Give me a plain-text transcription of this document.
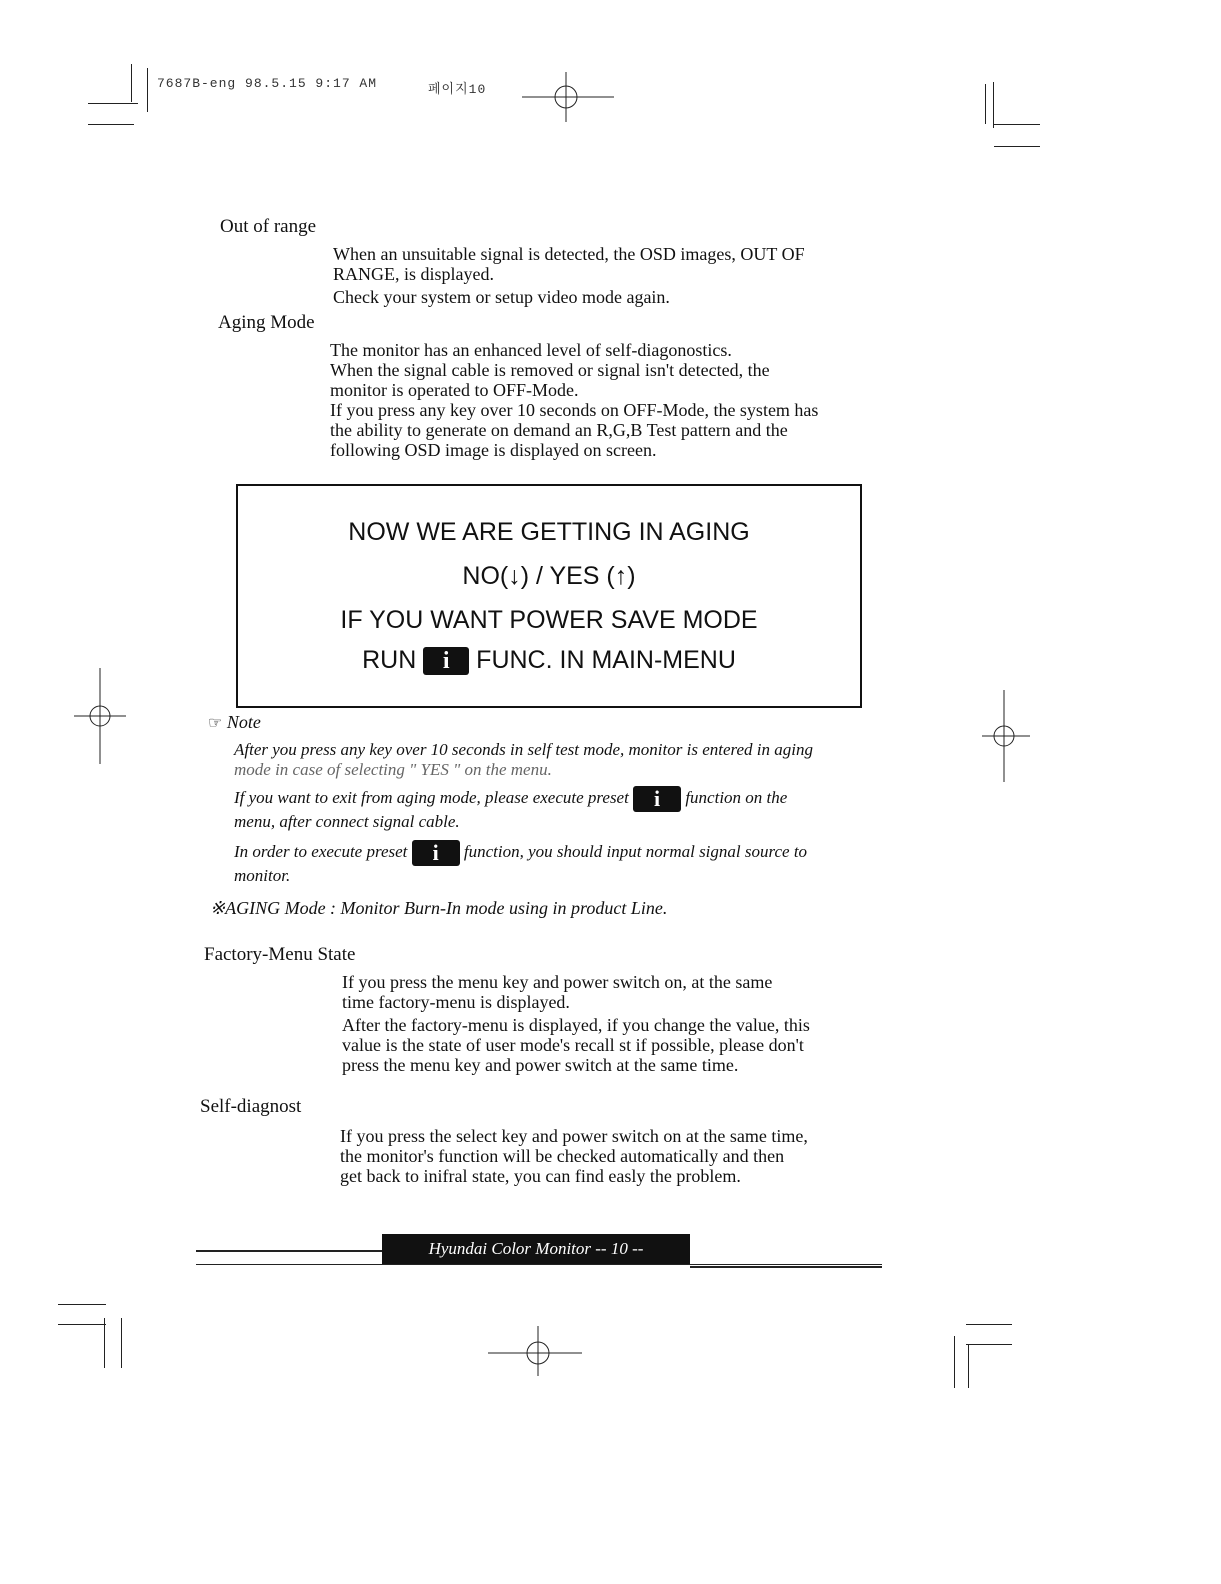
7687B-eng 98.5.15 9:17 AM	페이지10
Out of range

When an unsuitable signal is detected, the OSD images, OUT OF

RANGE, is displayed.

Check your system or setup video mode again.

Aging Mode

The monitor has an enhanced level of self-diagonostics.

When the signal cable is removed or signal isn't detected, the

monitor is operated to OFF-Mode.

If you press any key over 10 seconds on OFF-Mode, the system has

the ability to generate on demand an R,G,B Test pattern and the

following OSD image is displayed on screen.

NOW WE ARE GETTING IN AGING
NO(↓) / YES (↑)
IF YOU WANT POWER SAVE MODE
RUN i FUNC. IN MAIN-MENU
☞ Note

After you press any key over 10 seconds in self test mode, monitor is entered in aging

mode in case of selecting " YES " on the menu.

If you want to exit from aging mode, please execute preset i function on the

menu, after connect signal cable.

In order to execute preset i function, you should input normal signal source to

monitor.

※AGING Mode : Monitor Burn-In mode using in product Line.
Factory-Menu State

If you press the menu key and power switch on, at the same

time factory-menu is displayed.

After the factory-menu is displayed, if you change the value, this

value is the state of user mode's recall st if possible, please don't

press the menu key and power switch at the same time.

Self-diagnost

If you press the select key and power switch on at the same time,

the monitor's function will be checked automatically and then

get back to inifral state, you can find easly the problem.

Hyundai Color Monitor -- 10 --
